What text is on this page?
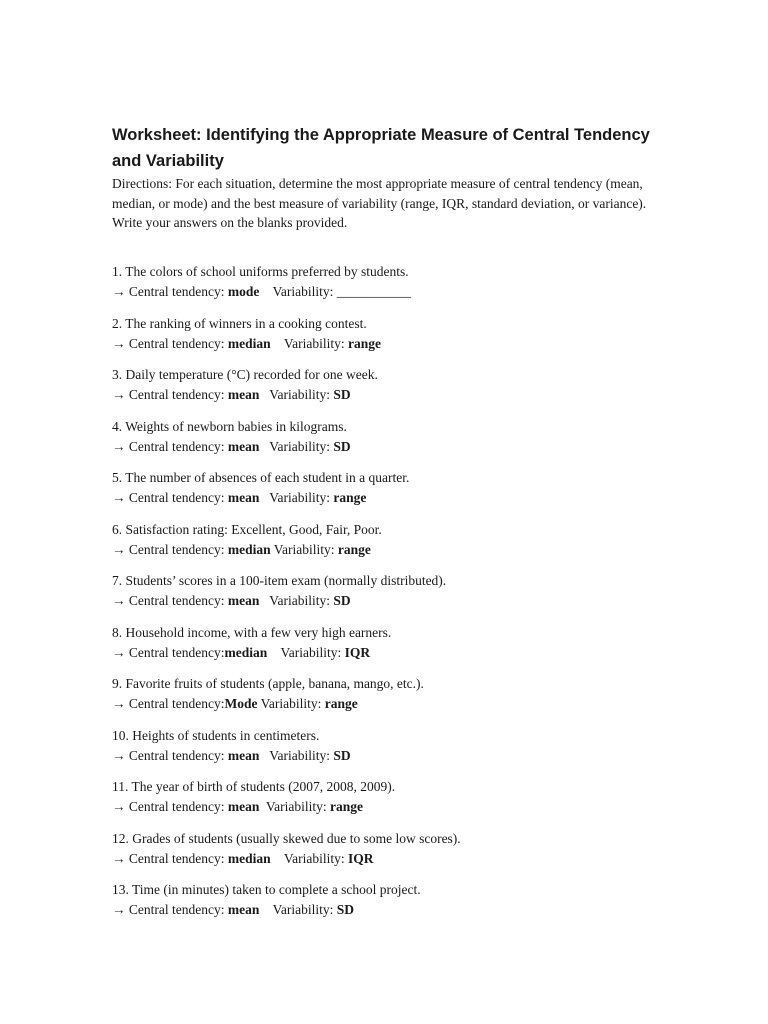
Worksheet: Identifying the Appropriate Measure of Central Tendency and Variability

Directions: For each situation, determine the most appropriate measure of central tendency (mean, median, or mode) and the best measure of variability (range, IQR, standard deviation, or variance). Write your answers on the blanks provided.

1. The colors of school uniforms preferred by students.
→ Central tendency: mode    Variability: ___________
2. The ranking of winners in a cooking contest.
→ Central tendency: median    Variability: range
3. Daily temperature (°C) recorded for one week.
→ Central tendency: mean   Variability: SD
4. Weights of newborn babies in kilograms.
→ Central tendency: mean   Variability: SD
5. The number of absences of each student in a quarter.
→ Central tendency: mean   Variability: range
6. Satisfaction rating: Excellent, Good, Fair, Poor.
→ Central tendency: median Variability: range
7. Students’ scores in a 100-item exam (normally distributed).
→ Central tendency: mean   Variability: SD
8. Household income, with a few very high earners.
→ Central tendency:median    Variability: IQR
9. Favorite fruits of students (apple, banana, mango, etc.).
→ Central tendency:Mode Variability: range
10. Heights of students in centimeters.
→ Central tendency: mean   Variability: SD
11. The year of birth of students (2007, 2008, 2009).
→ Central tendency: mean  Variability: range
12. Grades of students (usually skewed due to some low scores).
→ Central tendency: median    Variability: IQR
13. Time (in minutes) taken to complete a school project.
→ Central tendency: mean    Variability: SD
